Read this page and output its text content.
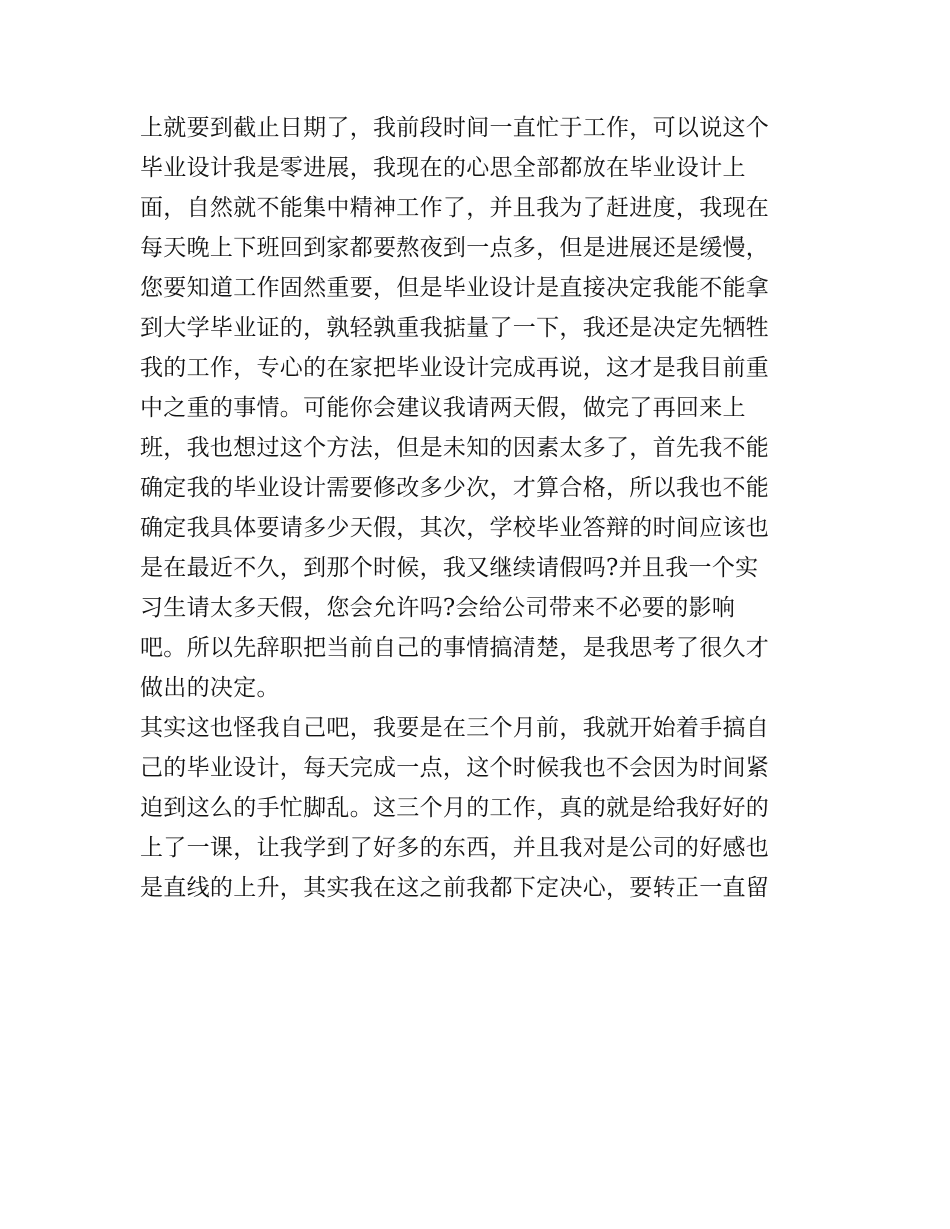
上就要到截止日期了，我前段时间一直忙于工作，可以说这个
毕业设计我是零进展，我现在的心思全部都放在毕业设计上
面，自然就不能集中精神工作了，并且我为了赶进度，我现在
每天晚上下班回到家都要熬夜到一点多，但是进展还是缓慢，
您要知道工作固然重要，但是毕业设计是直接决定我能不能拿
到大学毕业证的，孰轻孰重我掂量了一下，我还是决定先牺牲
我的工作，专心的在家把毕业设计完成再说，这才是我目前重
中之重的事情。可能你会建议我请两天假，做完了再回来上
班，我也想过这个方法，但是未知的因素太多了，首先我不能
确定我的毕业设计需要修改多少次，才算合格，所以我也不能
确定我具体要请多少天假，其次，学校毕业答辩的时间应该也
是在最近不久，到那个时候，我又继续请假吗?并且我一个实
习生请太多天假，您会允许吗?会给公司带来不必要的影响
吧。所以先辞职把当前自己的事情搞清楚，是我思考了很久才
做出的决定。
其实这也怪我自己吧，我要是在三个月前，我就开始着手搞自
己的毕业设计，每天完成一点，这个时候我也不会因为时间紧
迫到这么的手忙脚乱。这三个月的工作，真的就是给我好好的
上了一课，让我学到了好多的东西，并且我对是公司的好感也
是直线的上升，其实我在这之前我都下定决心，要转正一直留
